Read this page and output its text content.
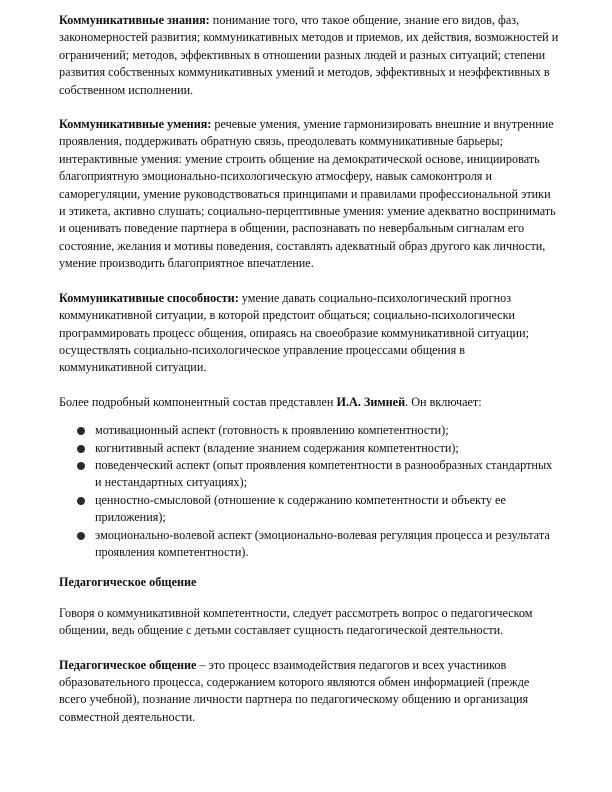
Коммуникативные знания: понимание того, что такое общение, знание его видов, фаз, закономерностей развития; коммуникативных методов и приемов, их действия, возможностей и ограничений; методов, эффективных в отношении разных людей и разных ситуаций; степени развития собственных коммуникативных умений и методов, эффективных и неэффективных в собственном исполнении.

Коммуникативные умения: речевые умения, умение гармонизировать внешние и внутренние проявления, поддерживать обратную связь, преодолевать коммуникативные барьеры; интерактивные умения: умение строить общение на демократической основе, инициировать благоприятную эмоционально-психологическую атмосферу, навык самоконтроля и саморегуляции, умение руководствоваться принципами и правилами профессиональной этики и этикета, активно слушать; социально-перцептивные умения: умение адекватно воспринимать и оценивать поведение партнера в общении, распознавать по невербальным сигналам его состояние, желания и мотивы поведения, составлять адекватный образ другого как личности, умение производить благоприятное впечатление.

Коммуникативные способности: умение давать социально-психологический прогноз коммуникативной ситуации, в которой предстоит общаться; социально-психологически программировать процесс общения, опираясь на своеобразие коммуникативной ситуации; осуществлять социально-психологическое управление процессами общения в коммуникативной ситуации.

Более подробный компонентный состав представлен И.А. Зимней. Он включает:

мотивационный аспект (готовность к проявлению компетентности);
когнитивный аспект (владение знанием содержания компетентности);
поведенческий аспект (опыт проявления компетентности в разнообразных стандартных и нестандартных ситуациях);
ценностно-смысловой (отношение к содержанию компетентности и объекту ее приложения);
эмоционально-волевой аспект (эмоционально-волевая регуляция процесса и результата проявления компетентности).
Педагогическое общение

Говоря о коммуникативной компетентности, следует рассмотреть вопрос о педагогическом общении, ведь общение с детьми составляет сущность педагогической деятельности.

Педагогическое общение – это процесс взаимодействия педагогов и всех участников образовательного процесса, содержанием которого являются обмен информацией (прежде всего учебной), познание личности партнера по педагогическому общению и организация совместной деятельности.
